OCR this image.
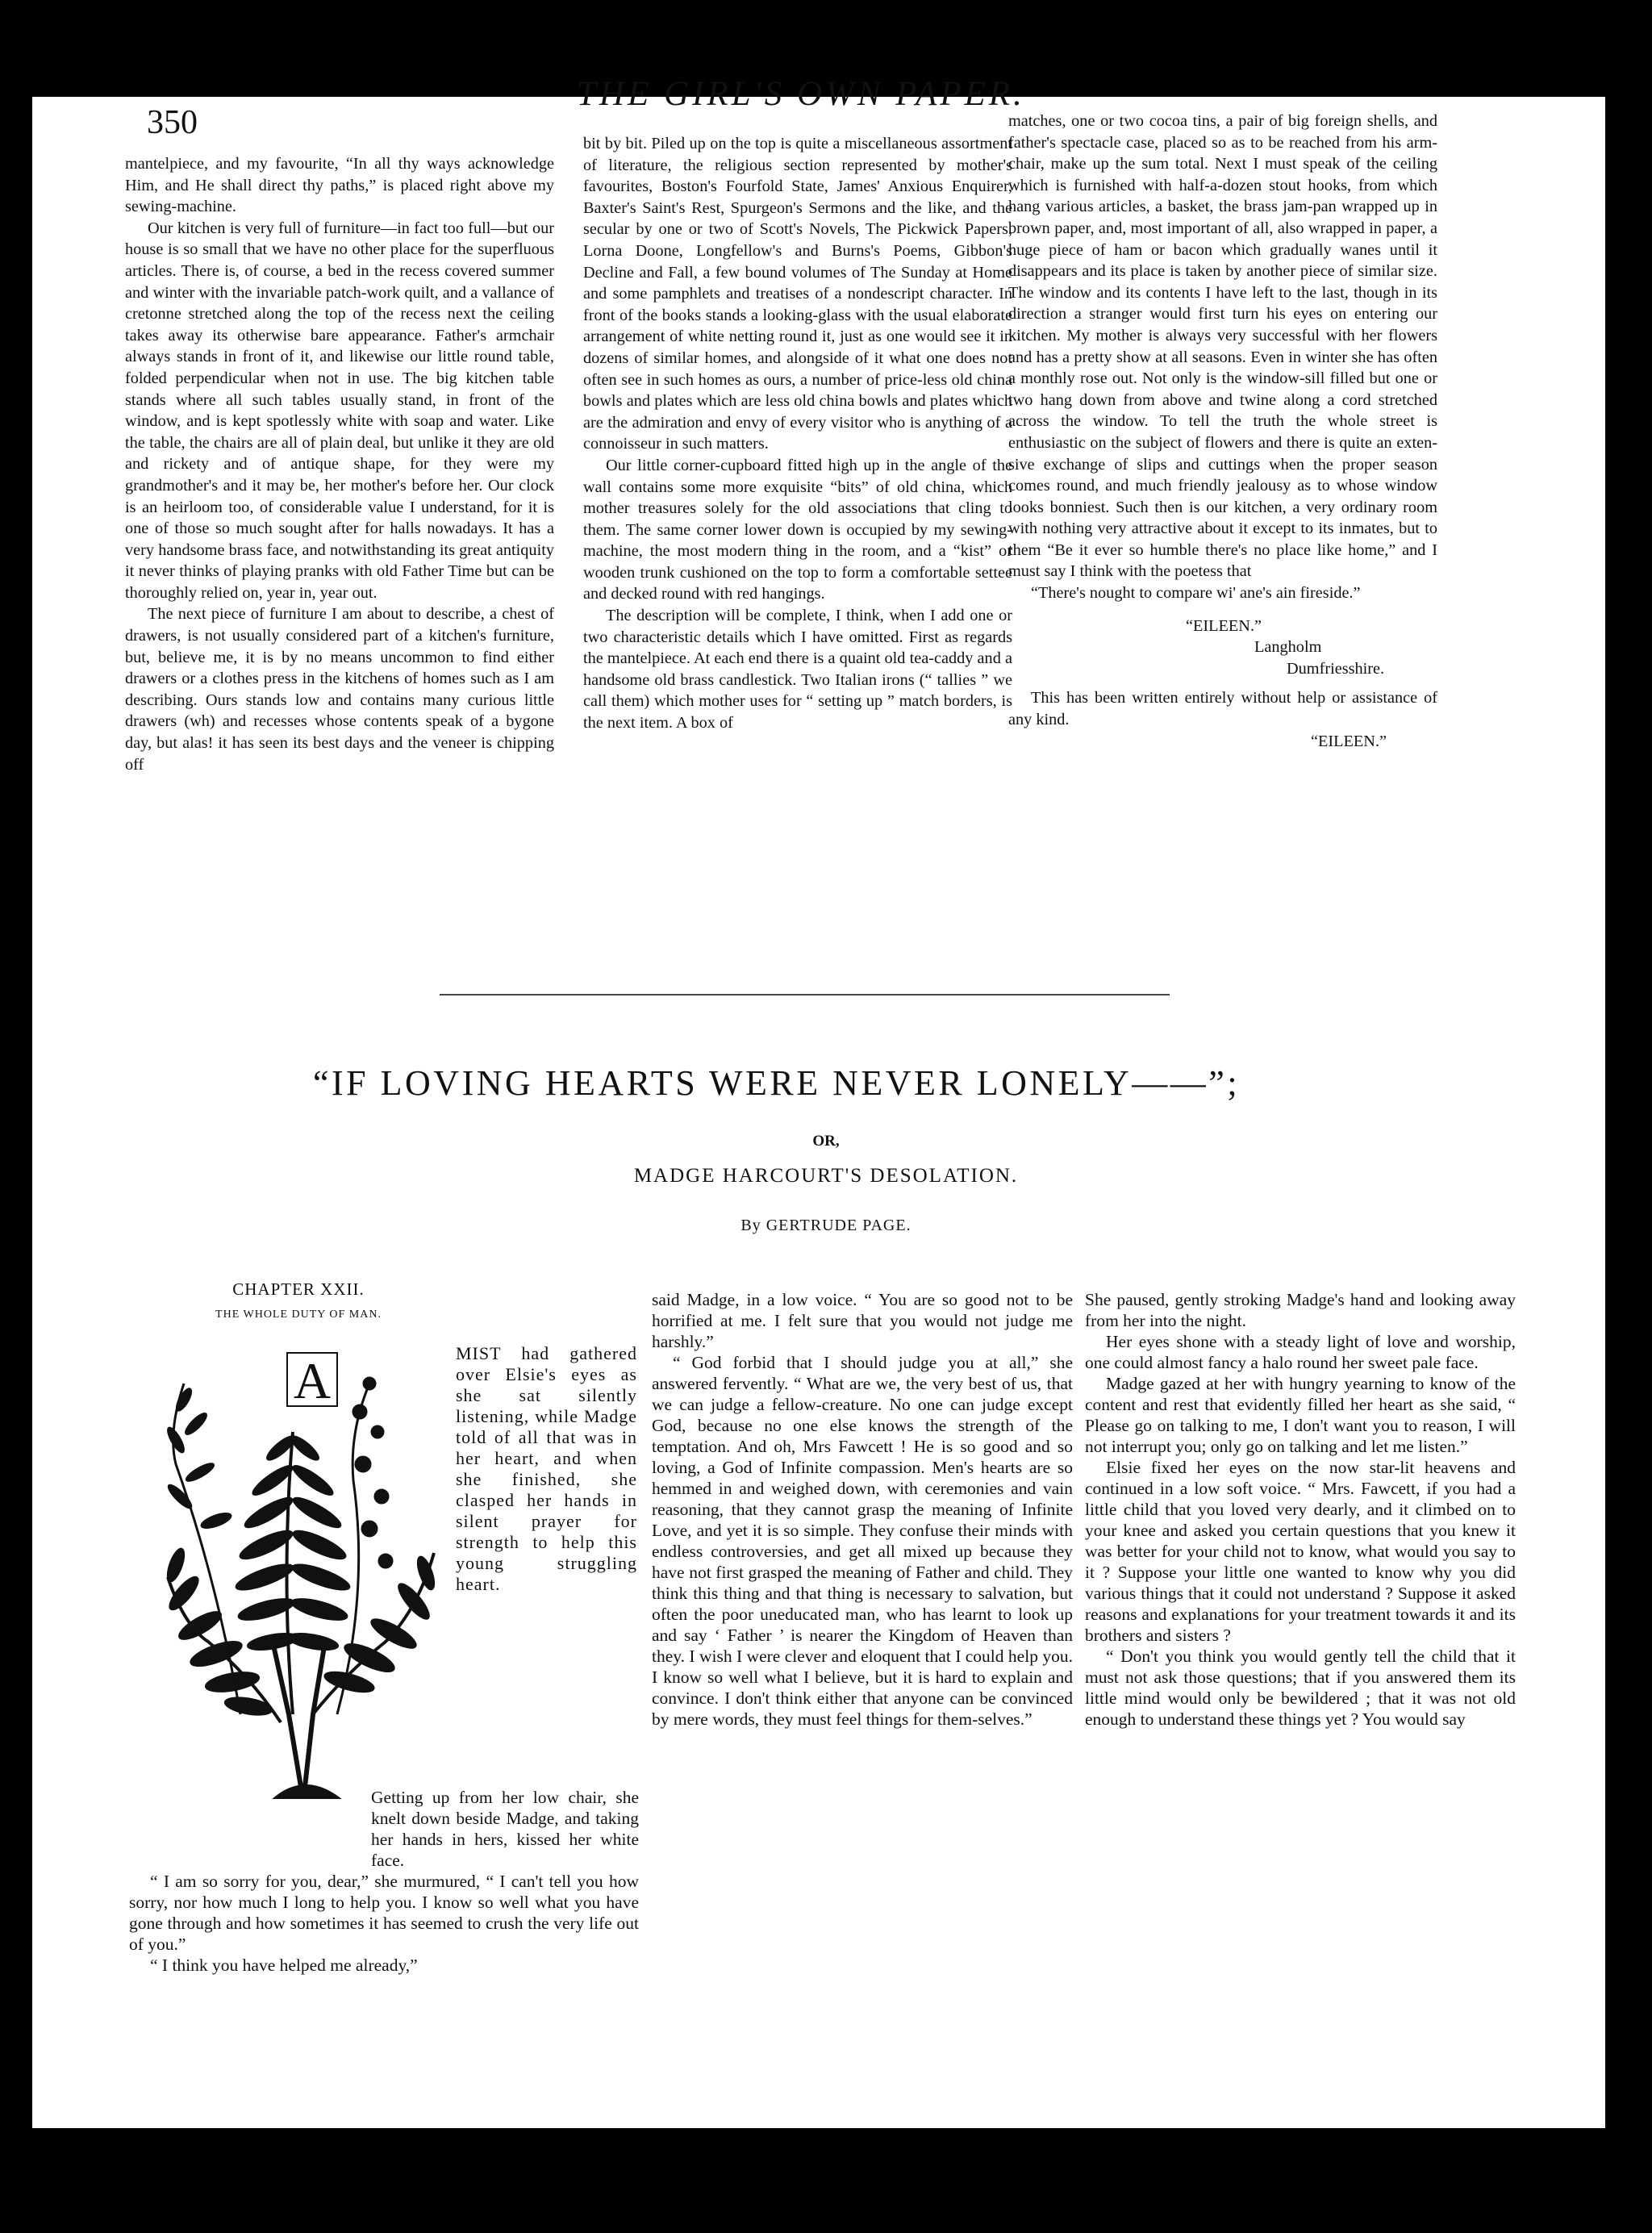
350
THE GIRL'S OWN PAPER.

mantelpiece, and my favourite, “In all thy ways acknowledge Him, and He shall direct thy paths,” is placed right above my sewing-machine.

Our kitchen is very full of furniture—in fact too full—but our house is so small that we have no other place for the superfluous articles. There is, of course, a bed in the recess covered summer and winter with the invariable patch-work quilt, and a vallance of cretonne stretched along the top of the recess next the ceiling takes away its otherwise bare appearance. Father's armchair always stands in front of it, and likewise our little round table, folded perpendicular when not in use. The big kitchen table stands where all such tables usually stand, in front of the window, and is kept spotlessly white with soap and water. Like the table, the chairs are all of plain deal, but unlike it they are old and rickety and of antique shape, for they were my grandmother's and it may be, her mother's before her. Our clock is an heirloom too, of considerable value I understand, for it is one of those so much sought after for halls nowadays. It has a very handsome brass face, and notwithstanding its great antiquity it never thinks of playing pranks with old Father Time but can be thoroughly relied on, year in, year out.

The next piece of furniture I am about to describe, a chest of drawers, is not usually considered part of a kitchen's furniture, but, believe me, it is by no means uncommon to find either drawers or a clothes press in the kitchens of homes such as I am describing. Ours stands low and contains many curious little drawers (wh) and recesses whose contents speak of a bygone day, but alas! it has seen its best days and the veneer is chipping off

bit by bit. Piled up on the top is quite a miscellaneous assortment of literature, the religious section represented by mother's favourites, Boston's Fourfold State, James' Anxious Enquirer, Baxter's Saint's Rest, Spurgeon's Sermons and the like, and the secular by one or two of Scott's Novels, The Pickwick Papers, Lorna Doone, Longfellow's and Burns's Poems, Gibbon's Decline and Fall, a few bound volumes of The Sunday at Home and some pamphlets and treatises of a nondescript character. In front of the books stands a looking-glass with the usual elaborate arrangement of white netting round it, just as one would see it in dozens of similar homes, and alongside of it what one does not often see in such homes as ours, a number of price-less old china bowls and plates which are less old china bowls and plates which are the admiration and envy of every visitor who is anything of a connoisseur in such matters.

Our little corner-cupboard fitted high up in the angle of the wall contains some more exquisite “bits” of old china, which mother treasures solely for the old associations that cling to them. The same corner lower down is occupied by my sewing-machine, the most modern thing in the room, and a “kist” or wooden trunk cushioned on the top to form a comfortable settee and decked round with red hangings.

The description will be complete, I think, when I add one or two characteristic details which I have omitted. First as regards the mantelpiece. At each end there is a quaint old tea-caddy and a handsome old brass candlestick. Two Italian irons (“ tallies ” we call them) which mother uses for “ setting up ” match borders, is the next item. A box of

matches, one or two cocoa tins, a pair of big foreign shells, and father's spectacle case, placed so as to be reached from his arm-chair, make up the sum total. Next I must speak of the ceiling which is furnished with half-a-dozen stout hooks, from which hang various articles, a basket, the brass jam-pan wrapped up in brown paper, and, most important of all, also wrapped in paper, a huge piece of ham or bacon which gradually wanes until it disappears and its place is taken by another piece of similar size. The window and its contents I have left to the last, though in its direction a stranger would first turn his eyes on entering our kitchen. My mother is always very successful with her flowers and has a pretty show at all seasons. Even in winter she has often a monthly rose out. Not only is the window-sill filled but one or two hang down from above and twine along a cord stretched across the window. To tell the truth the whole street is enthusiastic on the subject of flowers and there is quite an exten-sive exchange of slips and cuttings when the proper season comes round, and much friendly jealousy as to whose window looks bonniest. Such then is our kitchen, a very ordinary room with nothing very attractive about it except to its inmates, but to them “Be it ever so humble there's no place like home,” and I must say I think with the poetess that

“There's nought to compare wi' ane's ain fireside.”

“EILEEN.”
Langholm
Dumfriesshire.

This has been written entirely without help or assistance of any kind.

“EILEEN.”
“IF LOVING HEARTS WERE NEVER LONELY——”;
OR,
MADGE HARCOURT'S DESOLATION.
By GERTRUDE PAGE.
CHAPTER XXII.
THE WHOLE DUTY OF MAN.
A	MIST had gathered over Elsie's eyes as she sat silently listening, while Madge told of all that was in her heart, and when she finished, she clasped her hands in silent prayer for strength to help this young struggling heart.

Getting up from her low chair, she knelt down beside Madge, and taking her hands in hers, kissed her white face.

“ I am so sorry for you, dear,” she murmured, “ I can't tell you how sorry, nor how much I long to help you. I know so well what you have gone through and how sometimes it has seemed to crush the very life out of you.”

“ I think you have helped me already,”

said Madge, in a low voice. “ You are so good not to be horrified at me. I felt sure that you would not judge me harshly.”

“ God forbid that I should judge you at all,” she answered fervently. “ What are we, the very best of us, that we can judge a fellow-creature. No one can judge except God, because no one else knows the strength of the temptation. And oh, Mrs Fawcett ! He is so good and so loving, a God of Infinite compassion. Men's hearts are so hemmed in and weighed down, with ceremonies and vain reasoning, that they cannot grasp the meaning of Infinite Love, and yet it is so simple. They confuse their minds with endless controversies, and get all mixed up because they have not first grasped the meaning of Father and child. They think this thing and that thing is necessary to salvation, but often the poor uneducated man, who has learnt to look up and say ‘ Father ’ is nearer the Kingdom of Heaven than they. I wish I were clever and eloquent that I could help you. I know so well what I believe, but it is hard to explain and convince. I don't think either that anyone can be convinced by mere words, they must feel things for them-selves.”

She paused, gently stroking Madge's hand and looking away from her into the night.

Her eyes shone with a steady light of love and worship, one could almost fancy a halo round her sweet pale face.

Madge gazed at her with hungry yearning to know of the content and rest that evidently filled her heart as she said, “ Please go on talking to me, I don't want you to reason, I will not interrupt you; only go on talking and let me listen.”

Elsie fixed her eyes on the now star-lit heavens and continued in a low soft voice. “ Mrs. Fawcett, if you had a little child that you loved very dearly, and it climbed on to your knee and asked you certain questions that you knew it was better for your child not to know, what would you say to it ? Suppose your little one wanted to know why you did various things that it could not understand ? Suppose it asked reasons and explanations for your treatment towards it and its brothers and sisters ?

“ Don't you think you would gently tell the child that it must not ask those questions; that if you answered them its little mind would only be bewildered ; that it was not old enough to understand these things yet ? You would say
